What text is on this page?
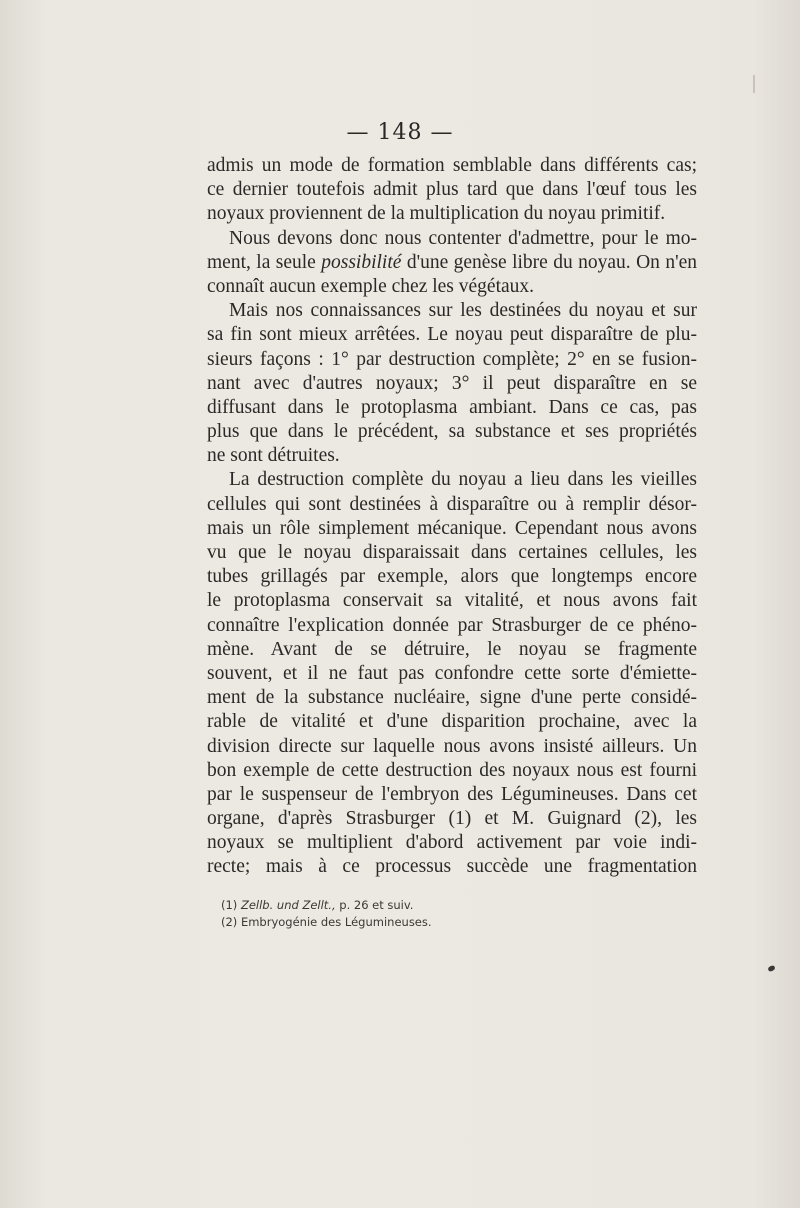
— 148 —
admis un mode de formation semblable dans différents cas;
ce dernier toutefois admit plus tard que dans l'œuf tous les
noyaux proviennent de la multiplication du noyau primitif.
Nous devons donc nous contenter d'admettre, pour le mo-
ment, la seule possibilité d'une genèse libre du noyau. On n'en
connaît aucun exemple chez les végétaux.
Mais nos connaissances sur les destinées du noyau et sur
sa fin sont mieux arrêtées. Le noyau peut disparaître de plu-
sieurs façons : 1° par destruction complète; 2° en se fusion-
nant avec d'autres noyaux; 3° il peut disparaître en se
diffusant dans le protoplasma ambiant. Dans ce cas, pas
plus que dans le précédent, sa substance et ses propriétés
ne sont détruites.
La destruction complète du noyau a lieu dans les vieilles
cellules qui sont destinées à disparaître ou à remplir désor-
mais un rôle simplement mécanique. Cependant nous avons
vu que le noyau disparaissait dans certaines cellules, les
tubes grillagés par exemple, alors que longtemps encore
le protoplasma conservait sa vitalité, et nous avons fait
connaître l'explication donnée par Strasburger de ce phéno-
mène. Avant de se détruire, le noyau se fragmente
souvent, et il ne faut pas confondre cette sorte d'émiette-
ment de la substance nucléaire, signe d'une perte considé-
rable de vitalité et d'une disparition prochaine, avec la
division directe sur laquelle nous avons insisté ailleurs. Un
bon exemple de cette destruction des noyaux nous est fourni
par le suspenseur de l'embryon des Légumineuses. Dans cet
organe, d'après Strasburger (1) et M. Guignard (2), les
noyaux se multiplient d'abord activement par voie indi-
recte; mais à ce processus succède une fragmentation
(1) Zellb. und Zellt., p. 26 et suiv.
(2) Embryogénie des Légumineuses.
